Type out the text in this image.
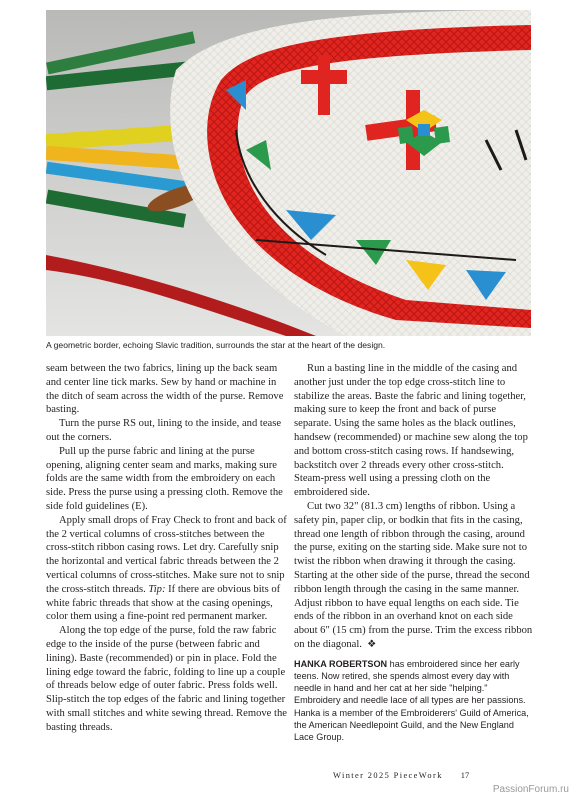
A geometric border, echoing Slavic tradition, surrounds the star at the heart of the design.

seam between the two fabrics, lining up the back seam and center line tick marks. Sew by hand or machine in the ditch of seam across the width of the purse. Remove basting.

Turn the purse RS out, lining to the inside, and tease out the corners.

Pull up the purse fabric and lining at the purse opening, aligning center seam and marks, making sure folds are the same width from the embroidery on each side. Press the purse using a pressing cloth. Remove the side fold guidelines (E).

Apply small drops of Fray Check to front and back of the 2 vertical columns of cross-stitches between the cross-stitch ribbon casing rows. Let dry. Carefully snip the horizontal and vertical fabric threads between the 2 vertical columns of cross-stitches. Make sure not to snip the cross-stitch threads. Tip: If there are obvious bits of white fabric threads that show at the casing openings, color them using a fine-point red permanent marker.

Along the top edge of the purse, fold the raw fabric edge to the inside of the purse (between fabric and lining). Baste (recommended) or pin in place. Fold the lining edge toward the fabric, folding to line up a couple of threads below edge of outer fabric. Press folds well. Slip-stitch the top edges of the fabric and lining together with small stitches and white sewing thread. Remove the basting threads.

Run a basting line in the middle of the casing and another just under the top edge cross-stitch line to stabilize the areas. Baste the fabric and lining together, making sure to keep the front and back of purse separate. Using the same holes as the black outlines, handsew (recommended) or machine sew along the top and bottom cross-stitch casing rows. If handsewing, backstitch over 2 threads every other cross-stitch. Steam-press well using a pressing cloth on the embroidered side.

Cut two 32" (81.3 cm) lengths of ribbon. Using a safety pin, paper clip, or bodkin that fits in the casing, thread one length of ribbon through the casing, around the purse, exiting on the starting side. Make sure not to twist the ribbon when drawing it through the casing. Starting at the other side of the purse, thread the second ribbon length through the casing in the same manner. Adjust ribbon to have equal lengths on each side. Tie ends of the ribbon in an overhand knot on each side about 6" (15 cm) from the purse. Trim the excess ribbon on the diagonal. ❖

HANKA ROBERTSON has embroidered since her early teens. Now retired, she spends almost every day with needle in hand and her cat at her side "helping." Embroidery and needle lace of all types are her passions. Hanka is a member of the Embroiderers' Guild of America, the American Needlepoint Guild, and the New England Lace Group.
Winter 2025 PieceWork 17
PassionForum.ru
